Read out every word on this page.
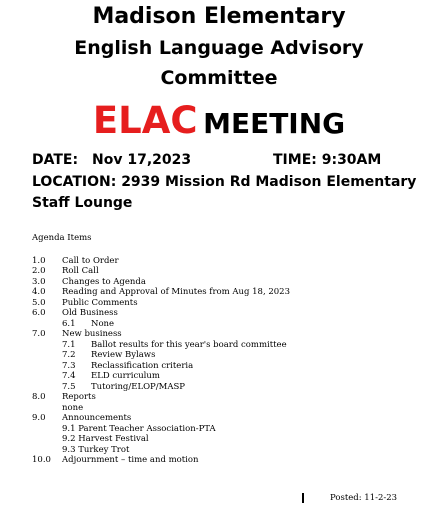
Madison Elementary
English Language Advisory
Committee
ELAC MEETING
DATE: Nov 17,2023	TIME: 9:30AM
LOCATION: 2939 Mission Rd Madison Elementary
Staff Lounge
Agenda Items
1.0 Call to Order
2.0 Roll Call
3.0 Changes to Agenda
4.0 Reading and Approval of Minutes from Aug 18, 2023
5.0 Public Comments
6.0 Old Business
6.1 None
7.0 New business
7.1 Ballot results for this year's board committee
7.2 Review Bylaws
7.3 Reclassification criteria
7.4 ELD curriculum
7.5 Tutoring/ELOP/MASP
8.0 Reports
none
9.0 Announcements
9.1 Parent Teacher Association-PTA
9.2 Harvest Festival
9.3 Turkey Trot
10.0 Adjournment – time and motion
Posted: 11-2-23
